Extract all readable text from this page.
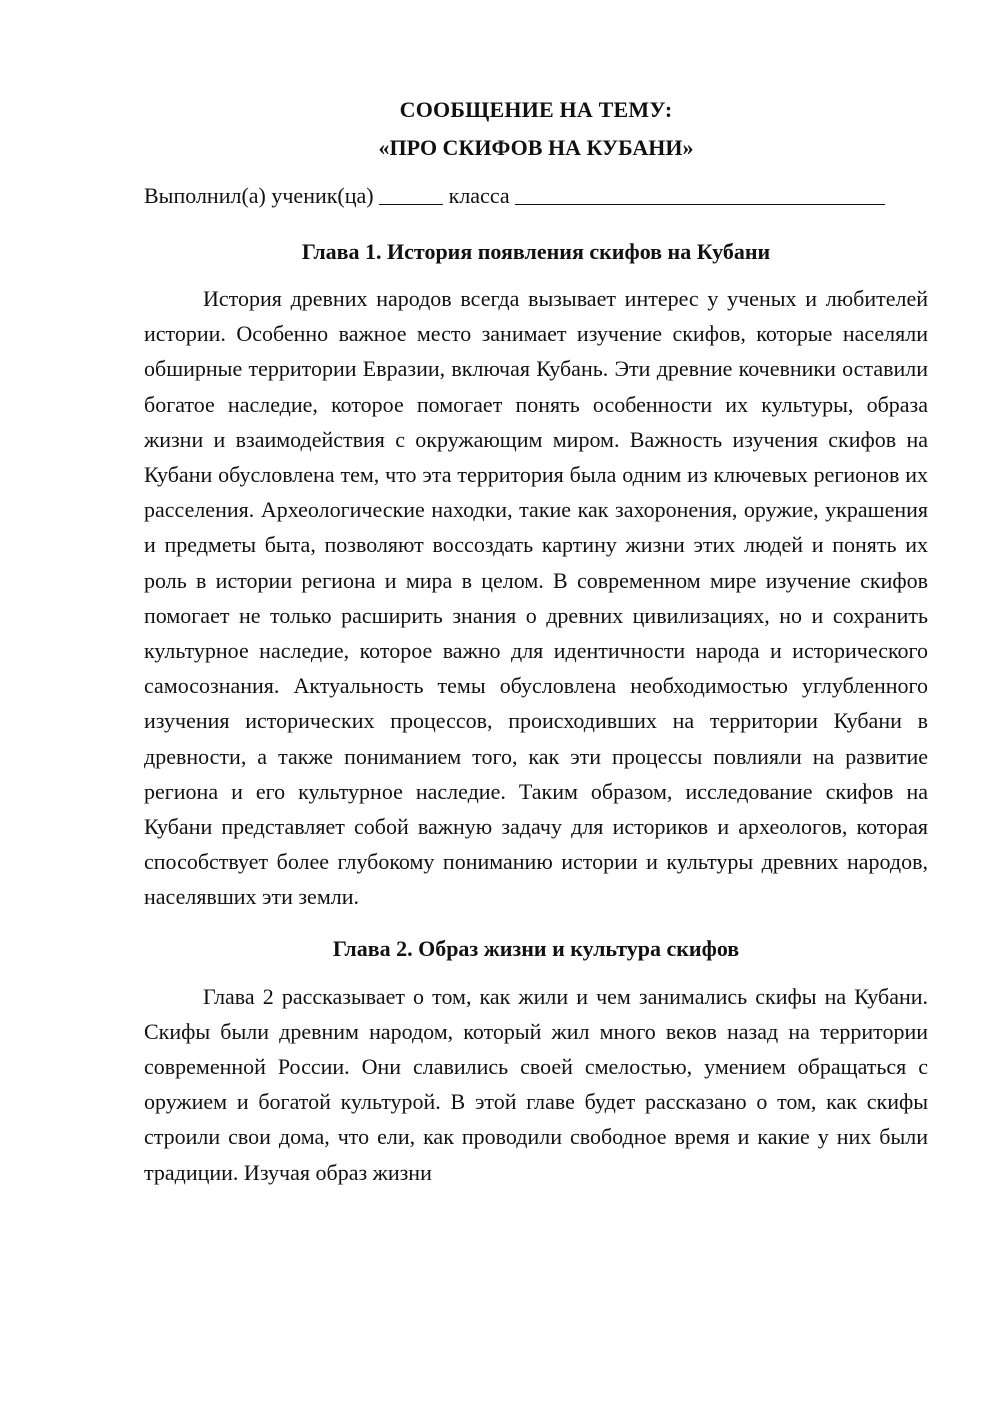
СООБЩЕНИЕ НА ТЕМУ:
«ПРО СКИФОВ НА КУБАНИ»
Выполнил(а) ученик(ца)	класса
Глава 1. История появления скифов на Кубани

История древних народов всегда вызывает интерес у ученых и любителей истории. Особенно важное место занимает изучение скифов, которые населяли обширные территории Евразии, включая Кубань. Эти древние кочевники оставили богатое наследие, которое помогает понять особенности их культуры, образа жизни и взаимодействия с окружающим миром. Важность изучения скифов на Кубани обусловлена тем, что эта территория была одним из ключевых регионов их расселения. Археологические находки, такие как захоронения, оружие, украшения и предметы быта, позволяют воссоздать картину жизни этих людей и понять их роль в истории региона и мира в целом. В современном мире изучение скифов помогает не только расширить знания о древних цивилизациях, но и сохранить культурное наследие, которое важно для идентичности народа и исторического самосознания. Актуальность темы обусловлена необходимостью углубленного изучения исторических процессов, происходивших на территории Кубани в древности, а также пониманием того, как эти процессы повлияли на развитие региона и его культурное наследие. Таким образом, исследование скифов на Кубани представляет собой важную задачу для историков и археологов, которая способствует более глубокому пониманию истории и культуры древних народов, населявших эти земли.

Глава 2. Образ жизни и культура скифов

Глава 2 рассказывает о том, как жили и чем занимались скифы на Кубани. Скифы были древним народом, который жил много веков назад на территории современной России. Они славились своей смелостью, умением обращаться с оружием и богатой культурой. В этой главе будет рассказано о том, как скифы строили свои дома, что ели, как проводили свободное время и какие у них были традиции. Изучая образ жизни
